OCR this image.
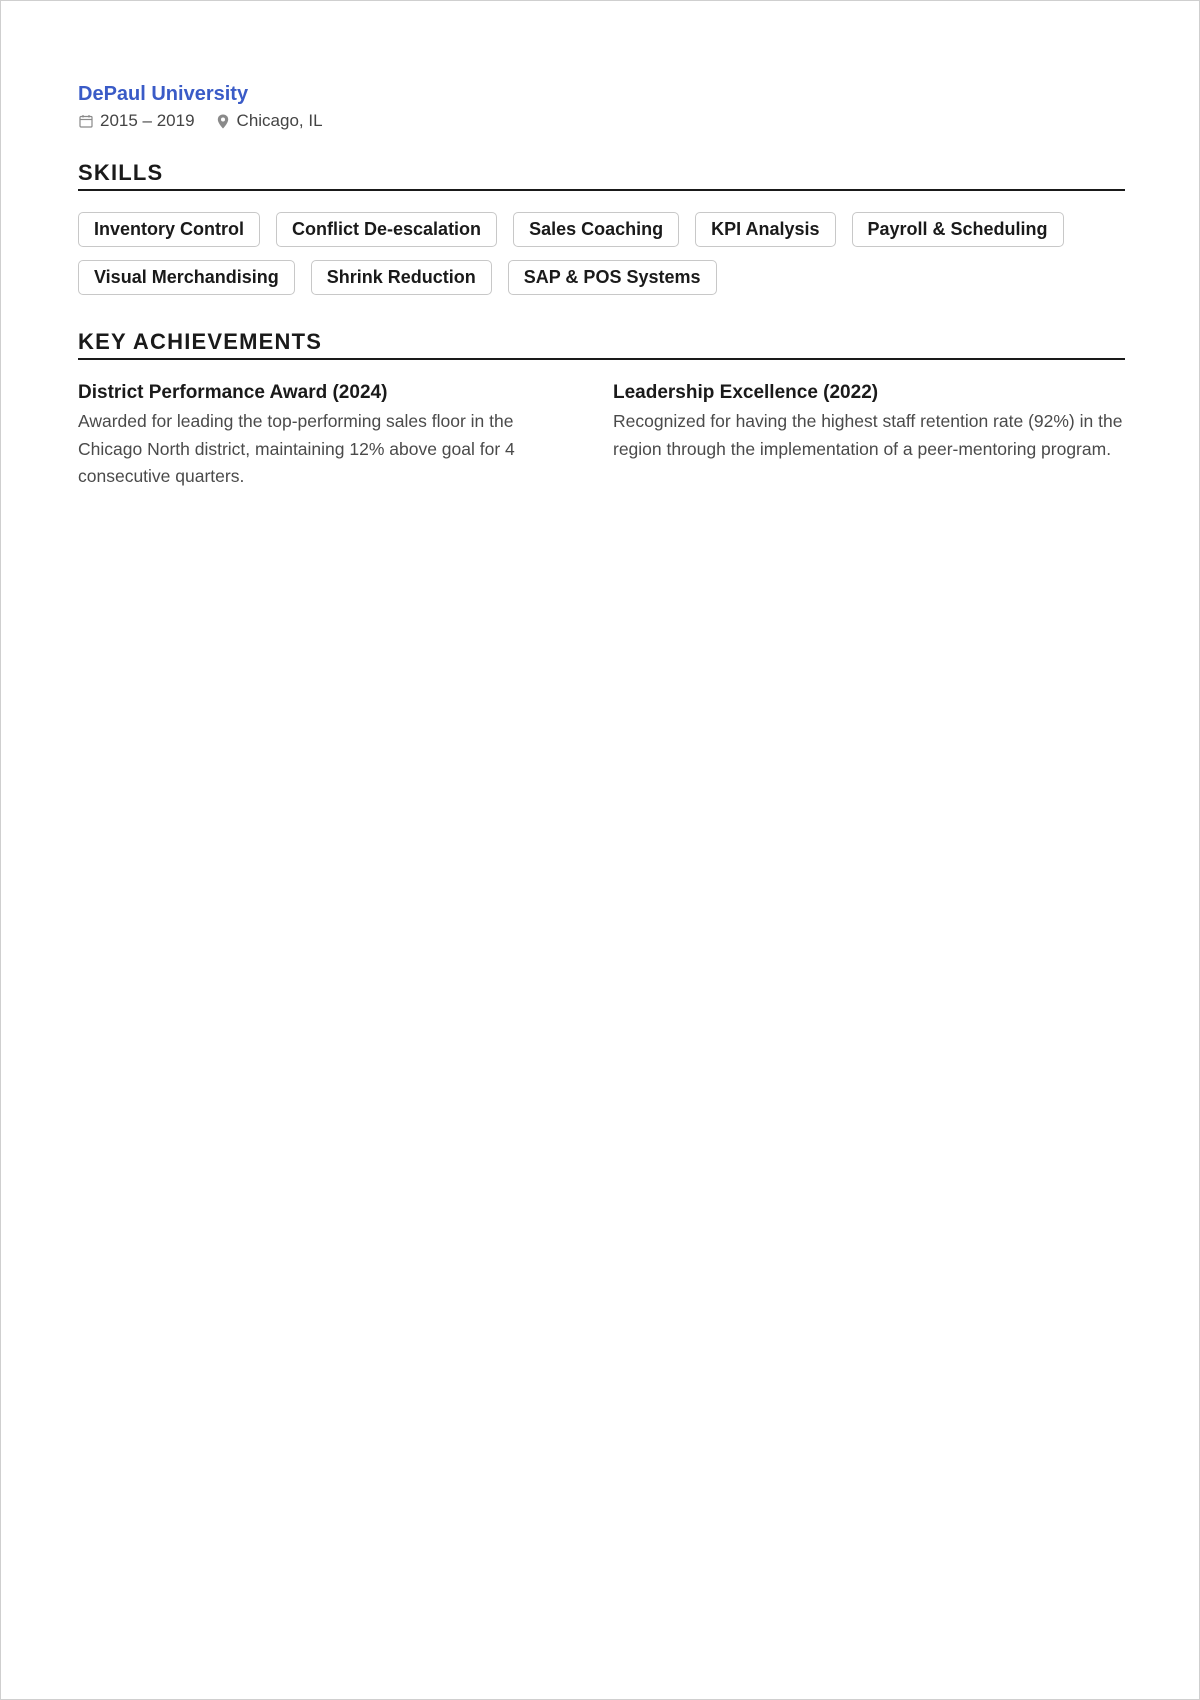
DePaul University
2015 – 2019 Chicago, IL
SKILLS
Inventory Control	Conflict De-escalation	Sales Coaching	KPI Analysis	Payroll & Scheduling
Visual Merchandising	Shrink Reduction	SAP & POS Systems
KEY ACHIEVEMENTS
District Performance Award (2024)

Awarded for leading the top-performing sales floor in the Chicago North district, maintaining 12% above goal for 4 consecutive quarters.

Leadership Excellence (2022)

Recognized for having the highest staff retention rate (92%) in the region through the implementation of a peer-mentoring program.
